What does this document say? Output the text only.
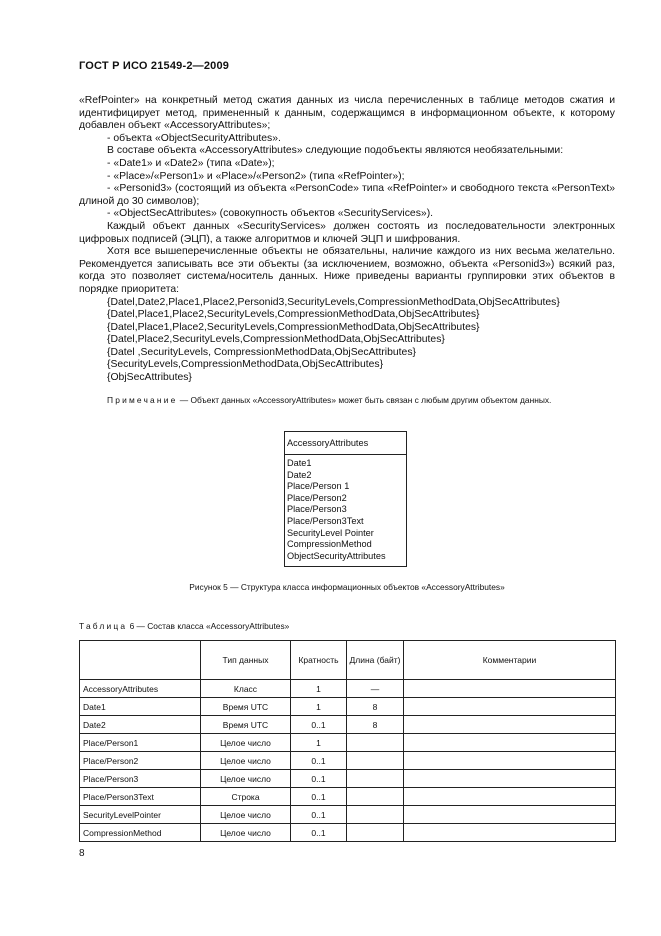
ГОСТ Р ИСО 21549-2—2009

«RefPointer» на конкретный метод сжатия данных из числа перечисленных в таблице методов сжатия и идентифицирует метод, примененный к данным, содержащимся в информационном объекте, к которому добавлен объект «AccessoryAttributes»;

- объекта «ObjectSecurityAttributes».

В составе объекта «AccessoryAttributes» следующие подобъекты являются необязательными:

- «Date1» и «Date2» (типа «Date»);

- «Place»/«Person1» и «Place»/«Person2» (типа «RefPointer»);

- «Personid3» (состоящий из объекта «PersonCode» типа «RefPointer» и свободного текста «PersonText» длиной до 30 символов);

- «ObjectSecAttributes» (совокупность объектов «SecurityServices»).

Каждый объект данных «SecurityServices» должен состоять из последовательности электронных цифровых подписей (ЭЦП), а также алгоритмов и ключей ЭЦП и шифрования.

Хотя все вышеперечисленные объекты не обязательны, наличие каждого из них весьма желательно. Рекомендуется записывать все эти объекты (за исключением, возможно, объекта «Personid3») всякий раз, когда это позволяет система/носитель данных. Ниже приведены варианты группировки этих объектов в порядке приоритета:

{Datel,Date2,Place1,Place2,Personid3,SecurityLevels,CompressionMethodData,ObjSecAttributes}

{Datel,Place1,Place2,SecurityLevels,CompressionMethodData,ObjSecAttributes}

{Datel,Place1,Place2,SecurityLevels,CompressionMethodData,ObjSecAttributes}

{Datel,Place2,SecurityLevels,CompressionMethodData,ObjSecAttributes}

{Datel ,SecurityLevels, CompressionMethodData,ObjSecAttributes}

{SecurityLevels,CompressionMethodData,ObjSecAttributes}

{ObjSecAttributes}

Примечание — Объект данных «AccessoryAttributes» может быть связан с любым другим объектом данных.
AccessoryAttributes
Date1
Date2
Place/Person 1
Place/Person2
Place/Person3
Place/Person3Text
SecurityLevel Pointer
CompressionMethod
ObjectSecurityAttributes
Рисунок 5 — Структура класса информационных объектов «AccessoryAttributes»
Таблица 6 — Состав класса «AccessoryAttributes»
	Тип данных	Кратность	Длина (байт)	Комментарии
AccessoryAttributes	Класс	1	—	
Date1	Время UTC	1	8	
Date2	Время UTC	0..1	8	
Place/Person1	Целое число	1		
Place/Person2	Целое число	0..1		
Place/Person3	Целое число	0..1		
Place/Person3Text	Строка	0..1		
SecurityLevelPointer	Целое число	0..1		
CompressionMethod	Целое число	0..1		
8
